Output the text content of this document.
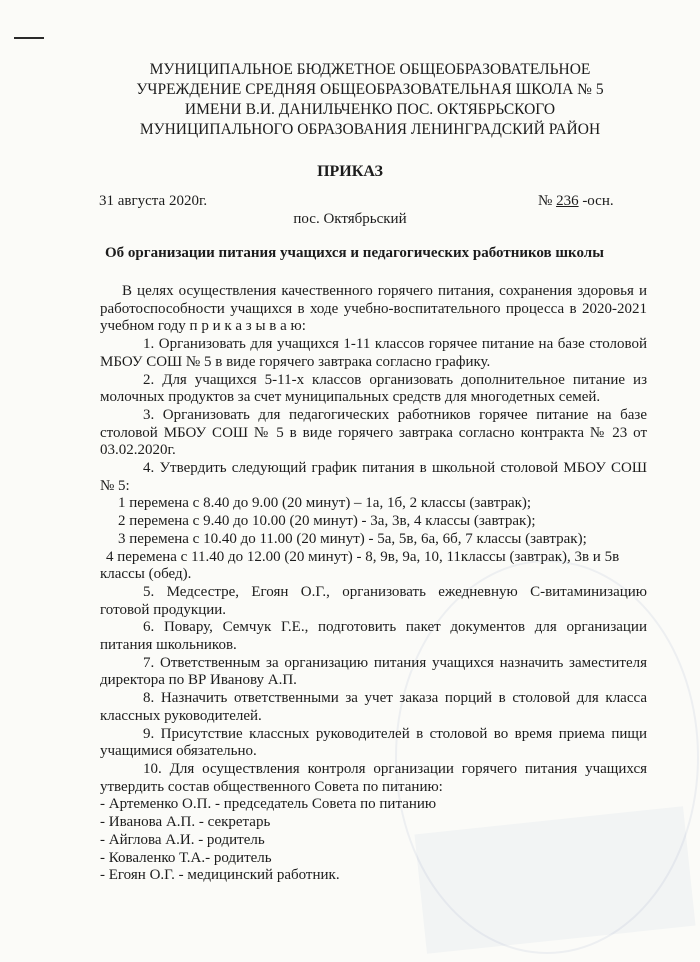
МУНИЦИПАЛЬНОЕ БЮДЖЕТНОЕ ОБЩЕОБРАЗОВАТЕЛЬНОЕ
УЧРЕЖДЕНИЕ СРЕДНЯЯ ОБЩЕОБРАЗОВАТЕЛЬНАЯ ШКОЛА № 5
ИМЕНИ В.И. ДАНИЛЬЧЕНКО ПОС. ОКТЯБРЬСКОГО
МУНИЦИПАЛЬНОГО ОБРАЗОВАНИЯ ЛЕНИНГРАДСКИЙ РАЙОН
ПРИКАЗ
31 августа 2020г.	№ 236 -осн.
пос. Октябрьский
Об организации питания учащихся и педагогических работников школы

В целях осуществления качественного горячего питания, сохранения здоровья и работоспособности учащихся в ходе учебно-воспитательного процесса в 2020-2021 учебном году п р и к а з ы в а ю:

1. Организовать для учащихся 1-11 классов горячее питание на базе столовой МБОУ СОШ № 5 в виде горячего завтрака согласно графику.

2. Для учащихся 5-11-х классов организовать дополнительное питание из молочных продуктов за счет муниципальных средств для многодетных семей.

3. Организовать для педагогических работников горячее питание на базе столовой МБОУ СОШ № 5 в виде горячего завтрака согласно контракта № 23 от 03.02.2020г.

4. Утвердить следующий график питания в школьной столовой МБОУ СОШ № 5:

1 перемена с 8.40 до 9.00 (20 минут) – 1а, 1б, 2 классы (завтрак);

2 перемена с 9.40 до 10.00 (20 минут) - 3а, 3в, 4 классы (завтрак);

3 перемена с 10.40 до 11.00 (20 минут) - 5а, 5в, 6а, 6б, 7 классы (завтрак);

4 перемена с 11.40 до 12.00 (20 минут) - 8, 9в, 9а, 10, 11классы (завтрак), 3в и 5в классы (обед).

5. Медсестре, Егоян О.Г., организовать ежедневную С-витаминизацию готовой продукции.

6. Повару, Семчук Г.Е., подготовить пакет документов для организации питания школьников.

7. Ответственным за организацию питания учащихся назначить заместителя директора по ВР Иванову А.П.

8. Назначить ответственными за учет заказа порций в столовой для класса классных руководителей.

9. Присутствие классных руководителей в столовой во время приема пищи учащимися обязательно.

10. Для осуществления контроля организации горячего питания учащихся утвердить состав общественного Совета по питанию:

- Артеменко О.П. - председатель Совета по питанию
- Иванова А.П. - секретарь
- Айглова А.И. - родитель
- Коваленко Т.А.- родитель
- Егоян О.Г. - медицинский работник.
